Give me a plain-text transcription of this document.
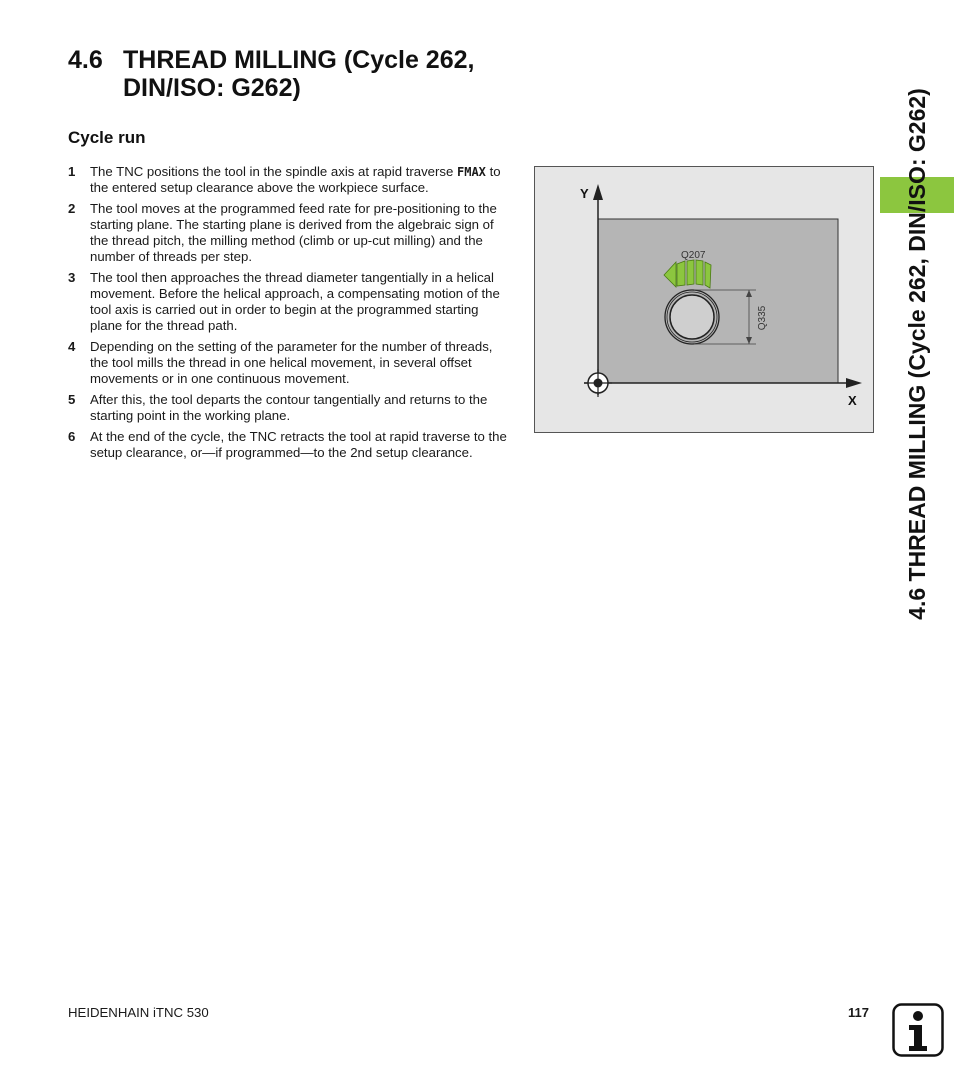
4.6 THREAD MILLING (Cycle 262,
DIN/ISO: G262)
Cycle run
1	The TNC positions the tool in the spindle axis at rapid traverse FMAX to the entered setup clearance above the workpiece surface.
2	The tool moves at the programmed feed rate for pre-positioning to the starting plane. The starting plane is derived from the algebraic sign of the thread pitch, the milling method (climb or up-cut milling) and the number of threads per step.
3	The tool then approaches the thread diameter tangentially in a helical movement. Before the helical approach, a compensating motion of the tool axis is carried out in order to begin at the programmed starting plane for the thread path.
4	Depending on the setting of the parameter for the number of threads, the tool mills the thread in one helical movement, in several offset movements or in one continuous movement.
5	After this, the tool departs the contour tangentially and returns to the starting point in the working plane.
6	At the end of the cycle, the TNC retracts the tool at rapid traverse to the setup clearance, or—if programmed—to the 2nd setup clearance.
Y
X
Q335
Q207	4.6 THREAD MILLING (Cycle 262, DIN/ISO: G262)
HEIDENHAIN iTNC 530	117
